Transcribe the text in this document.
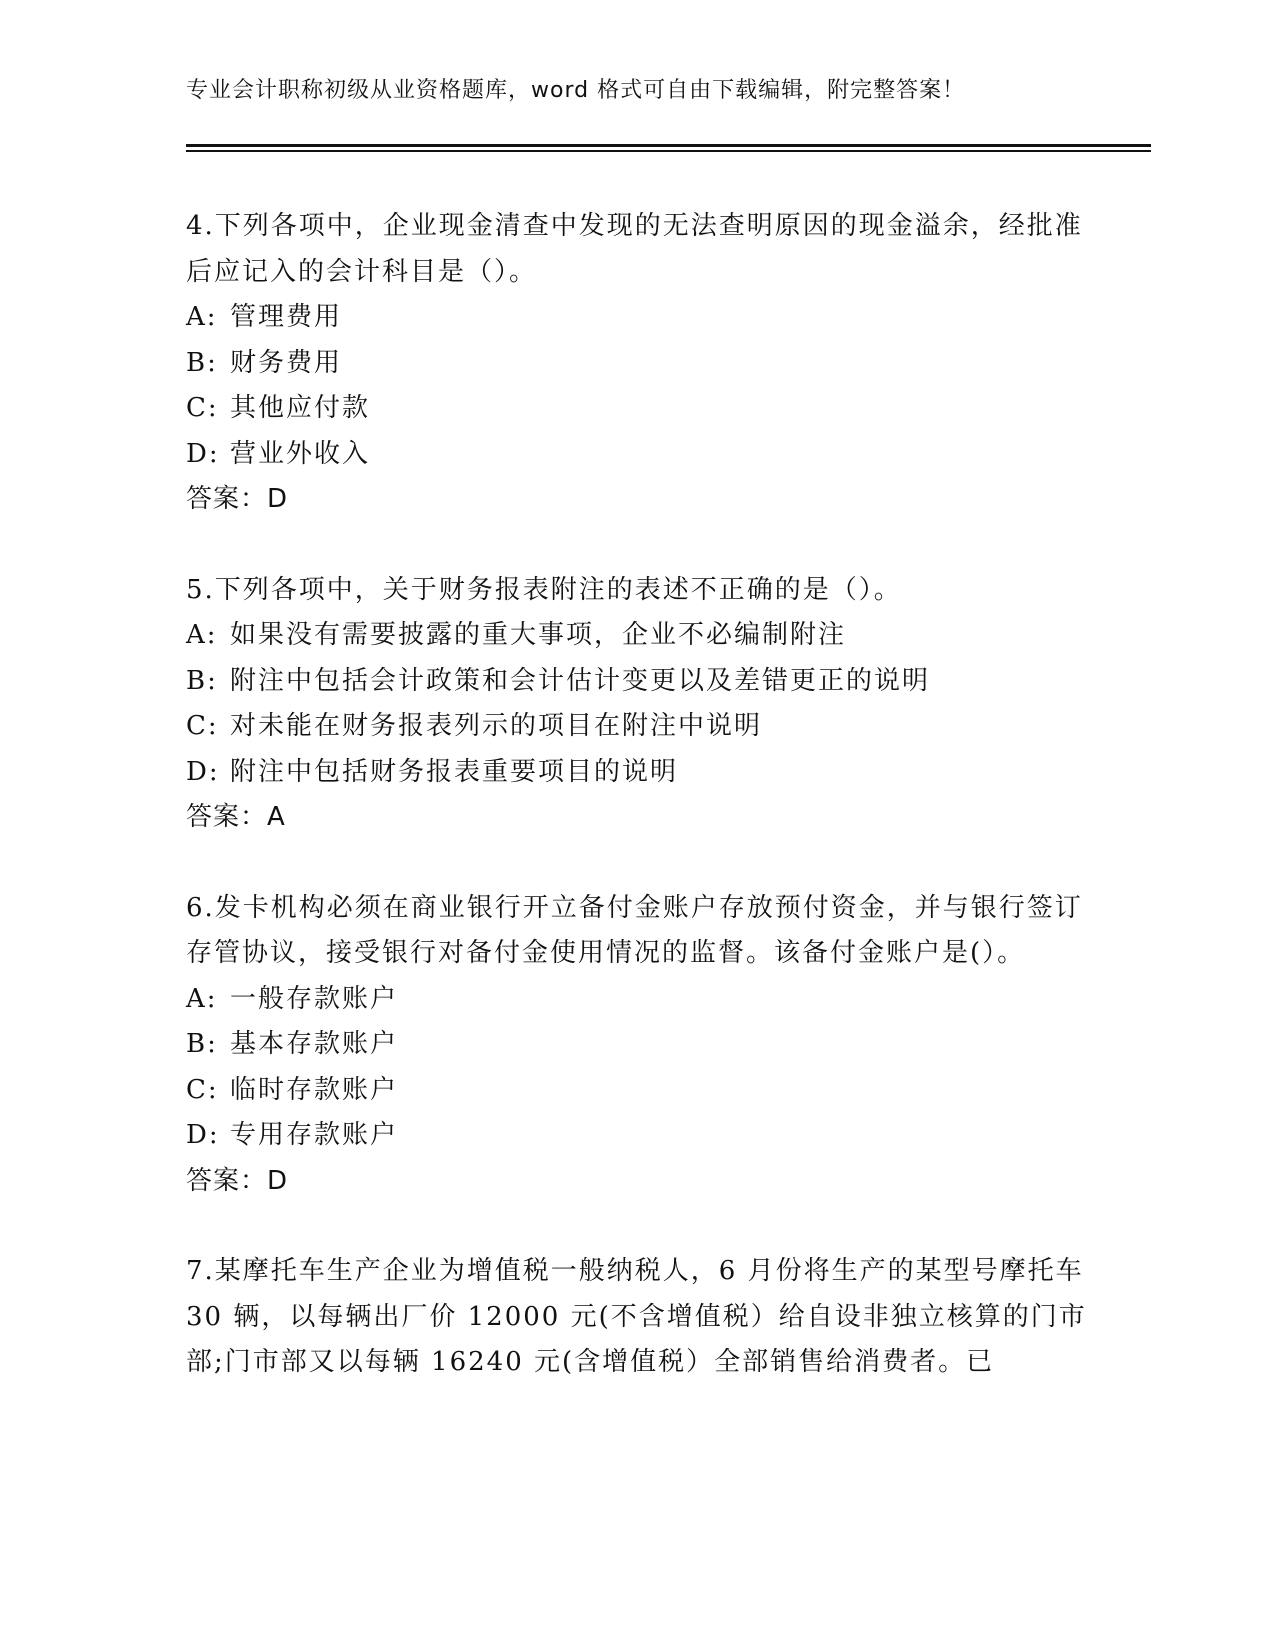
专业会计职称初级从业资格题库，word 格式可自由下载编辑，附完整答案！

4.下列各项中，企业现金清查中发现的无法查明原因的现金溢余，经批准后应记入的会计科目是（）。

A: 管理费用

B: 财务费用

C: 其他应付款

D: 营业外收入

答案：D

5.下列各项中，关于财务报表附注的表述不正确的是（）。

A: 如果没有需要披露的重大事项，企业不必编制附注

B: 附注中包括会计政策和会计估计变更以及差错更正的说明

C: 对未能在财务报表列示的项目在附注中说明

D: 附注中包括财务报表重要项目的说明

答案：A

6.发卡机构必须在商业银行开立备付金账户存放预付资金，并与银行签订存管协议，接受银行对备付金使用情况的监督。该备付金账户是(）。

A: 一般存款账户

B: 基本存款账户

C: 临时存款账户

D: 专用存款账户

答案：D

7.某摩托车生产企业为增值税一般纳税人，6 月份将生产的某型号摩托车 30 辆，以每辆出厂价 12000 元(不含增值税）给自设非独立核算的门市部;门市部又以每辆 16240 元(含增值税）全部销售给消费者。已
